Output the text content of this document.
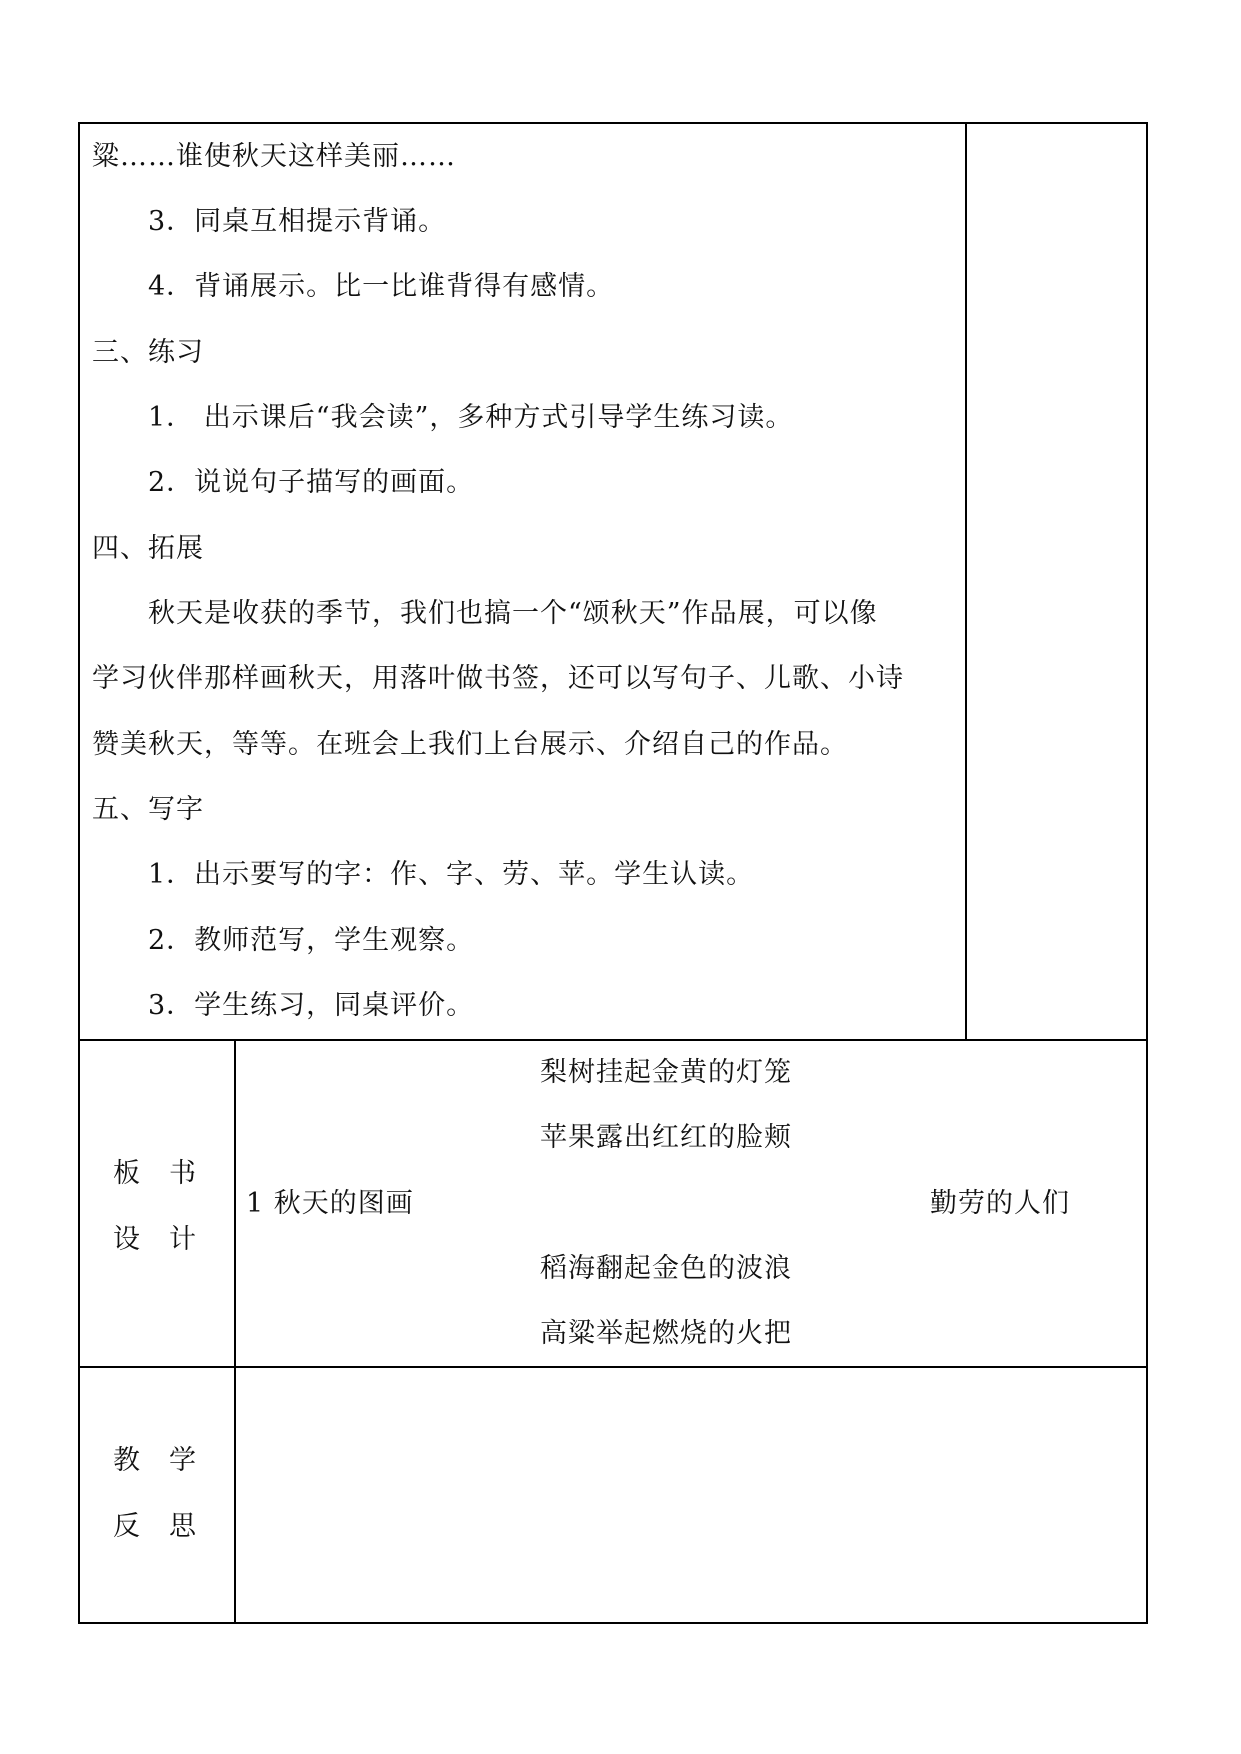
粱……谁使秋天这样美丽……
3．同桌互相提示背诵。
4．背诵展示。比一比谁背得有感情。
三、练习
1． 出示课后“我会读”，多种方式引导学生练习读。
2．说说句子描写的画面。
四、拓展
秋天是收获的季节，我们也搞一个“颂秋天”作品展，可以像
学习伙伴那样画秋天，用落叶做书签，还可以写句子、儿歌、小诗
赞美秋天，等等。在班会上我们上台展示、介绍自己的作品。
五、写字
1．出示要写的字：作、字、劳、苹。学生认读。
2．教师范写，学生观察。
3．学生练习，同桌评价。
板　书
设　计
梨树挂起金黄的灯笼
苹果露出红红的脸颊
1 秋天的图画	勤劳的人们
稻海翻起金色的波浪
高粱举起燃烧的火把
教　学
反　思
